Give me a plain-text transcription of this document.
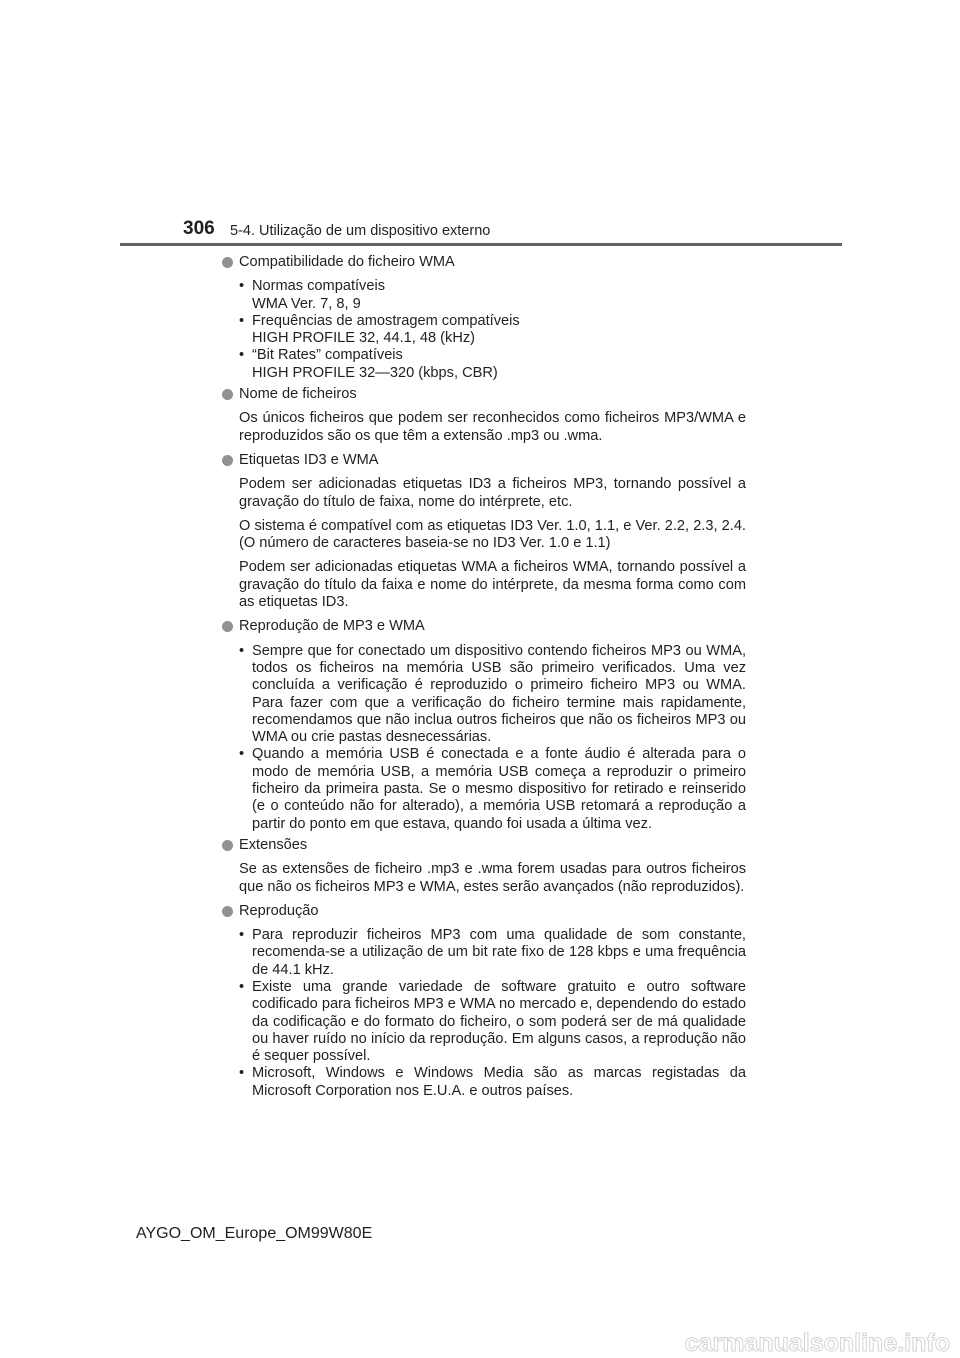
306 5-4. Utilização de um dispositivo externo
Compatibilidade do ficheiro WMA
• Normas compatíveis
WMA Ver. 7, 8, 9
• Frequências de amostragem compatíveis
HIGH PROFILE 32, 44.1, 48 (kHz)
• “Bit Rates” compatíveis
HIGH PROFILE 32—320 (kbps, CBR)
Nome de ficheiros
Os únicos ficheiros que podem ser reconhecidos como ficheiros MP3/WMA e reproduzidos são os que têm a extensão .mp3 ou .wma.
Etiquetas ID3 e WMA
Podem ser adicionadas etiquetas ID3 a ficheiros MP3, tornando possível a gravação do título de faixa, nome do intérprete, etc.
O sistema é compatível com as etiquetas ID3 Ver. 1.0, 1.1, e Ver. 2.2, 2.3, 2.4. (O número de caracteres baseia-se no ID3 Ver. 1.0 e 1.1)
Podem ser adicionadas etiquetas WMA a ficheiros WMA, tornando possível a gravação do título da faixa e nome do intérprete, da mesma forma como com as etiquetas ID3.
Reprodução de MP3 e WMA
• Sempre que for conectado um dispositivo contendo ficheiros MP3 ou WMA, todos os ficheiros na memória USB são primeiro verificados. Uma vez concluída a verificação é reproduzido o primeiro ficheiro MP3 ou WMA. Para fazer com que a verificação do ficheiro termine mais rapidamente, recomendamos que não inclua outros ficheiros que não os ficheiros MP3 ou WMA ou crie pastas desnecessárias.
• Quando a memória USB é conectada e a fonte áudio é alterada para o modo de memória USB, a memória USB começa a reproduzir o primeiro ficheiro da primeira pasta. Se o mesmo dispositivo for retirado e reinserido (e o conteúdo não for alterado), a memória USB retomará a reprodução a partir do ponto em que estava, quando foi usada a última vez.
Extensões
Se as extensões de ficheiro .mp3 e .wma forem usadas para outros ficheiros que não os ficheiros MP3 e WMA, estes serão avançados (não reproduzidos).
Reprodução
• Para reproduzir ficheiros MP3 com uma qualidade de som constante, recomenda-se a utilização de um bit rate fixo de 128 kbps e uma frequência de 44.1 kHz.
• Existe uma grande variedade de software gratuito e outro software codificado para ficheiros MP3 e WMA no mercado e, dependendo do estado da codificação e do formato do ficheiro, o som poderá ser de má qualidade ou haver ruído no início da reprodução. Em alguns casos, a reprodução não é sequer possível.
• Microsoft, Windows e Windows Media são as marcas registadas da Microsoft Corporation nos E.U.A. e outros países.
AYGO_OM_Europe_OM99W80E
carmanualsonline.info
